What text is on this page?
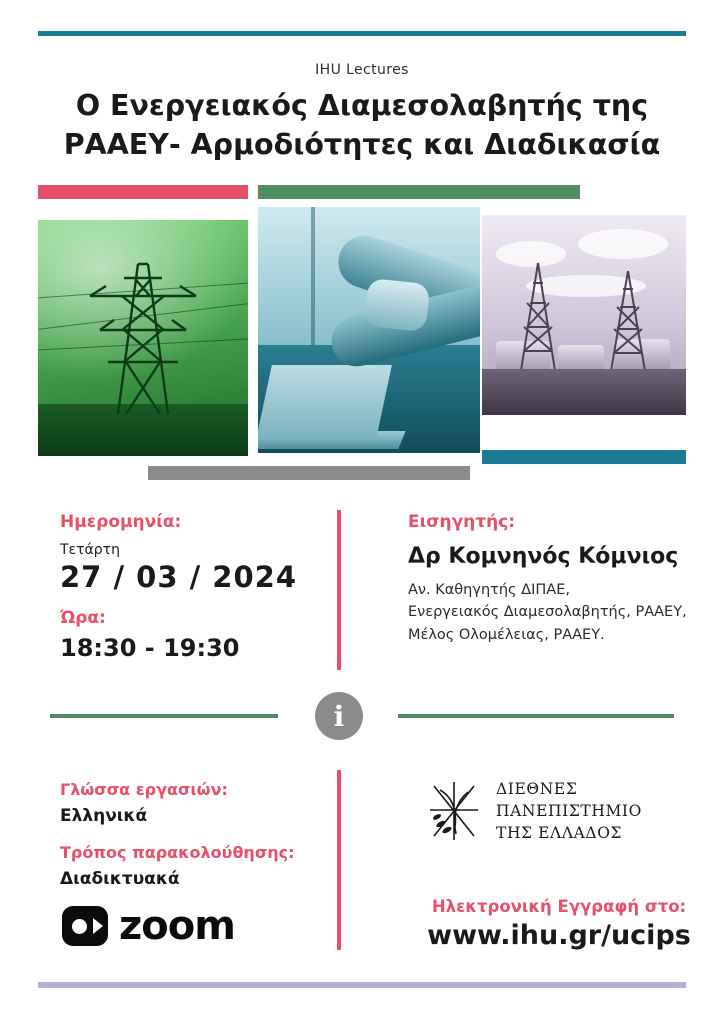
IHU Lectures
Ο Ενεργειακός Διαμεσολαβητής της ΡΑΑΕΥ- Αρμοδιότητες και Διαδικασία
Ημερομηνία:
Τετάρτη
27 / 03 / 2024
Ώρα:
18:30 - 19:30
Εισηγητής:
Δρ Κομνηνός Κόμνιος
Αν. Καθηγητής ΔΙΠΑΕ,
Ενεργειακός Διαμεσολαβητής, ΡΑΑΕΥ,
Μέλος Ολομέλειας, ΡΑΑΕΥ.
i
Γλώσσα εργασιών:
Ελληνικά
Τρόπος παρακολούθησης:
Διαδικτυακά
zoom
ΔΙΕΘΝΕΣ
ΠΑΝΕΠΙΣΤΗΜΙΟ
ΤΗΣ ΕΛΛΑΔΟΣ
Ηλεκτρονική Εγγραφή στο:
www.ihu.gr/ucips
